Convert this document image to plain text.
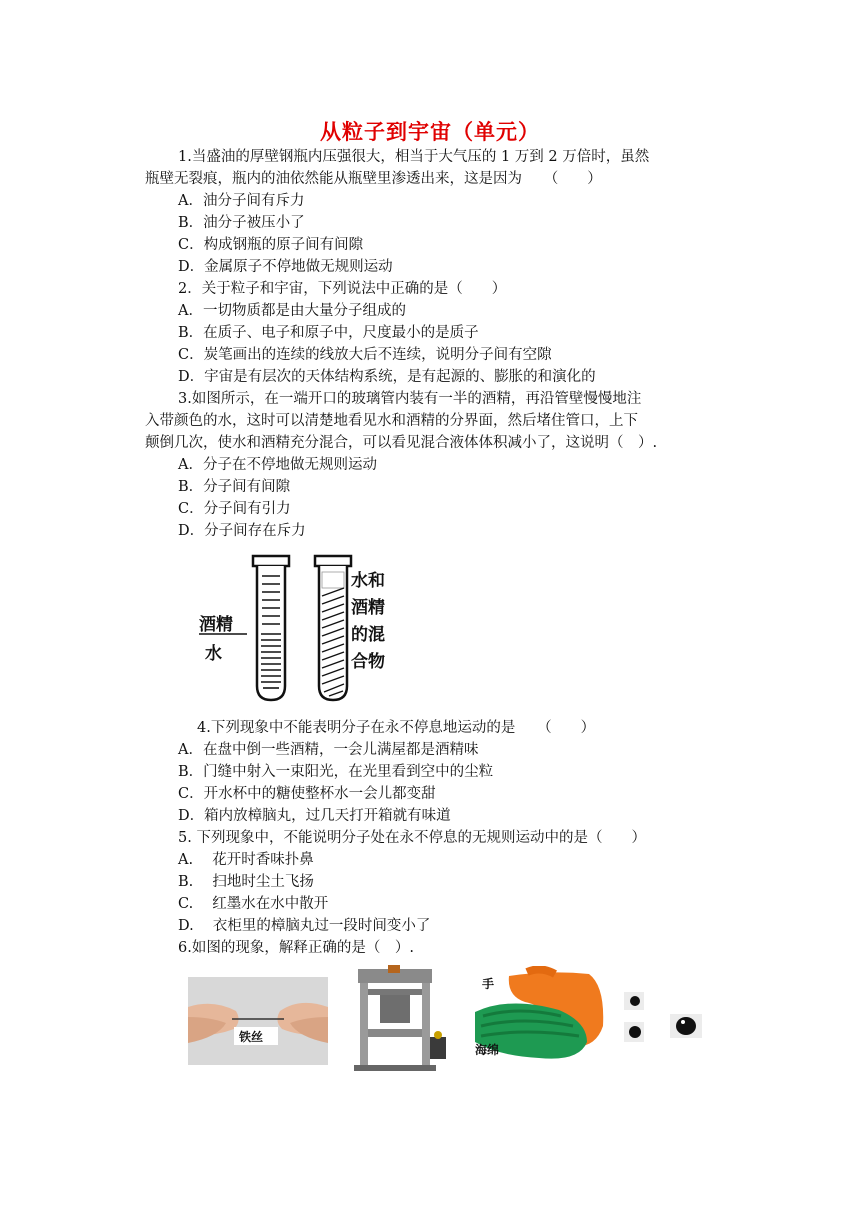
从粒子到宇宙（单元）
1.当盛油的厚壁钢瓶内压强很大，相当于大气压的 1 万到 2 万倍时，虽然
瓶壁无裂痕，瓶内的油依然能从瓶壁里渗透出来，这是因为　　（　　）
A．油分子间有斥力
B．油分子被压小了
C．构成钢瓶的原子间有间隙
D．金属原子不停地做无规则运动
2．关于粒子和宇宙，下列说法中正确的是（　　）
A．一切物质都是由大量分子组成的
B．在质子、电子和原子中，尺度最小的是质子
C．炭笔画出的连续的线放大后不连续，说明分子间有空隙
D．宇宙是有层次的天体结构系统，是有起源的、膨胀的和演化的
3.如图所示，在一端开口的玻璃管内装有一半的酒精，再沿管壁慢慢地注
入带颜色的水，这时可以清楚地看见水和酒精的分界面，然后堵住管口，上下
颠倒几次，使水和酒精充分混合，可以看见混合液体体积减小了，这说明（　）.
A．分子在不停地做无规则运动
B．分子间有间隙
C．分子间有引力
D．分子间存在斥力
酒精
水
水和
酒精
的混
合物
4.下列现象中不能表明分子在永不停息地运动的是　　（　　）
A．在盘中倒一些酒精，一会儿满屋都是酒精味
B．门缝中射入一束阳光，在光里看到空中的尘粒
C．开水杯中的糖使整杯水一会儿都变甜
D．箱内放樟脑丸，过几天打开箱就有味道
5. 下列现象中，不能说明分子处在永不停息的无规则运动中的是（　　）
A.　 花开时香味扑鼻
B.　 扫地时尘土飞扬
C.　 红墨水在水中散开
D.　 衣柜里的樟脑丸过一段时间变小了
6.如图的现象，解释正确的是（　）.
铁丝
手
海绵
